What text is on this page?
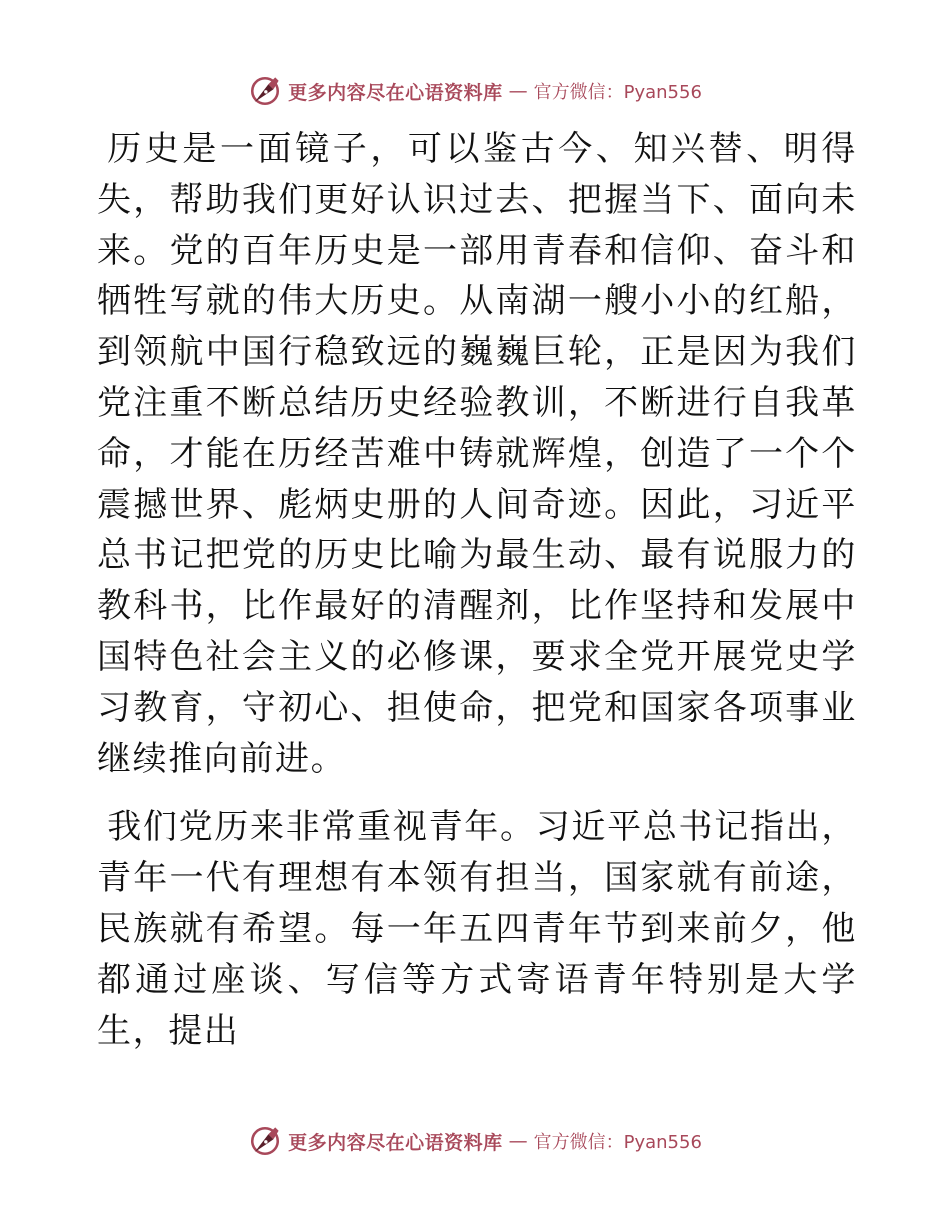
更多内容尽在心语资料库 — 官方微信：Pyan556

历史是一面镜子，可以鉴古今、知兴替、明得失，帮助我们更好认识过去、把握当下、面向未来。党的百年历史是一部用青春和信仰、奋斗和牺牲写就的伟大历史。从南湖一艘小小的红船，到领航中国行稳致远的巍巍巨轮，正是因为我们党注重不断总结历史经验教训，不断进行自我革命，才能在历经苦难中铸就辉煌，创造了一个个震撼世界、彪炳史册的人间奇迹。因此，习近平总书记把党的历史比喻为最生动、最有说服力的教科书，比作最好的清醒剂，比作坚持和发展中国特色社会主义的必修课，要求全党开展党史学习教育，守初心、担使命，把党和国家各项事业继续推向前进。

我们党历来非常重视青年。习近平总书记指出，青年一代有理想有本领有担当，国家就有前途，民族就有希望。每一年五四青年节到来前夕，他都通过座谈、写信等方式寄语青年特别是大学生，提出

更多内容尽在心语资料库 — 官方微信：Pyan556
